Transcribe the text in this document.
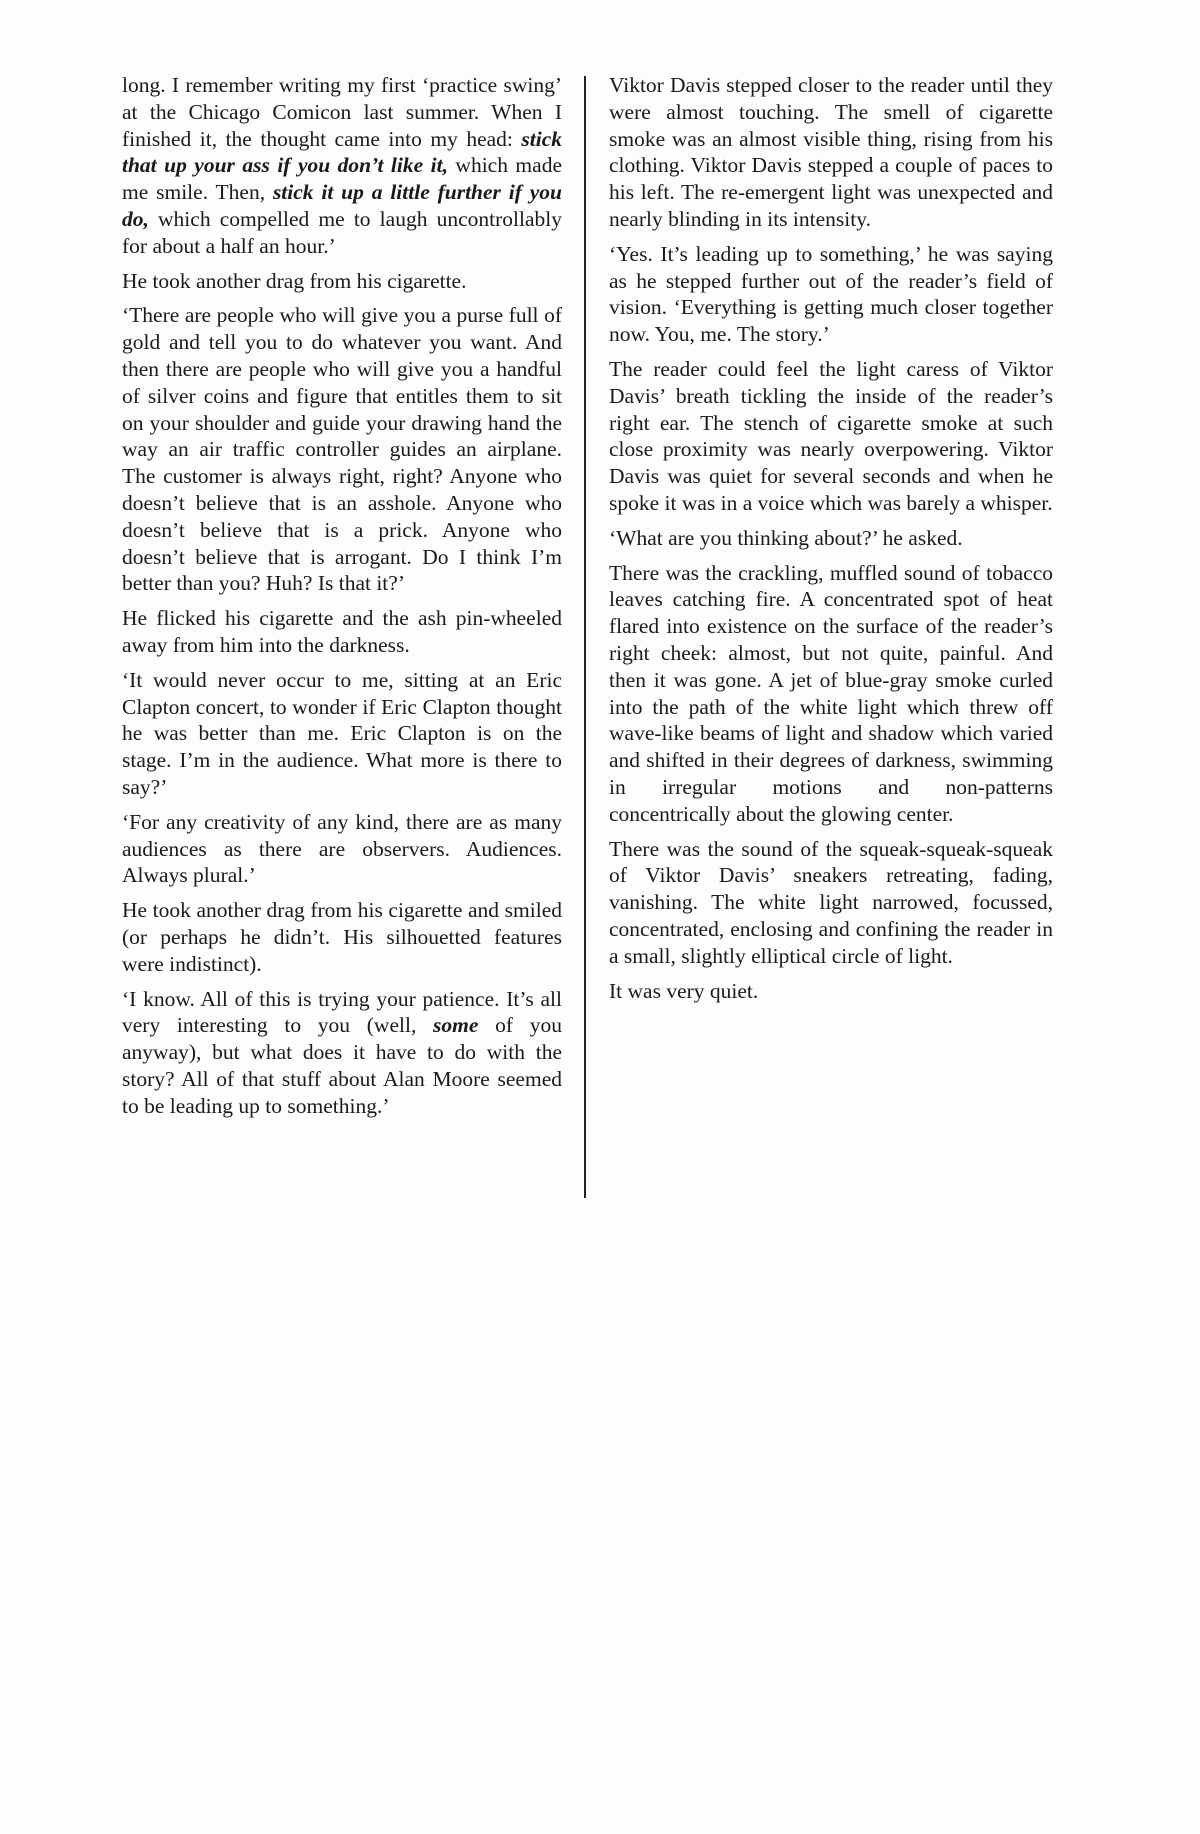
long. I remember writing my first ‘practice swing’ at the Chicago Comicon last summer. When I finished it, the thought came into my head: stick that up your ass if you don’t like it, which made me smile. Then, stick it up a little further if you do, which compelled me to laugh uncontrollably for about a half an hour.’

He took another drag from his cigarette.

‘There are people who will give you a purse full of gold and tell you to do whatever you want. And then there are people who will give you a handful of silver coins and figure that entitles them to sit on your shoulder and guide your drawing hand the way an air traffic controller guides an airplane. The customer is always right, right? Anyone who doesn’t believe that is an asshole. Anyone who doesn’t believe that is a prick. Anyone who doesn’t believe that is arrogant. Do I think I’m better than you? Huh? Is that it?’

He flicked his cigarette and the ash pin-wheeled away from him into the darkness.

‘It would never occur to me, sitting at an Eric Clapton concert, to wonder if Eric Clapton thought he was better than me. Eric Clapton is on the stage. I’m in the audience. What more is there to say?’

‘For any creativity of any kind, there are as many audiences as there are observers. Audiences. Always plural.’

He took another drag from his cigarette and smiled (or perhaps he didn’t. His silhouetted features were indistinct).

‘I know. All of this is trying your patience. It’s all very interesting to you (well, some of you anyway), but what does it have to do with the story? All of that stuff about Alan Moore seemed to be leading up to something.’

Viktor Davis stepped closer to the reader until they were almost touching. The smell of cigarette smoke was an almost visible thing, rising from his clothing. Viktor Davis stepped a couple of paces to his left. The re-emergent light was unexpected and nearly blinding in its intensity.

‘Yes. It’s leading up to something,’ he was saying as he stepped further out of the reader’s field of vision. ‘Everything is getting much closer together now. You, me. The story.’

The reader could feel the light caress of Viktor Davis’ breath tickling the inside of the reader’s right ear. The stench of cigarette smoke at such close proximity was nearly overpowering. Viktor Davis was quiet for several seconds and when he spoke it was in a voice which was barely a whisper.

‘What are you thinking about?’ he asked.

There was the crackling, muffled sound of tobacco leaves catching fire. A concentrated spot of heat flared into existence on the surface of the reader’s right cheek: almost, but not quite, painful. And then it was gone. A jet of blue-gray smoke curled into the path of the white light which threw off wave-like beams of light and shadow which varied and shifted in their degrees of darkness, swimming in irregular motions and non-patterns concentrically about the glowing center.

There was the sound of the squeak-squeak-squeak of Viktor Davis’ sneakers retreating, fading, vanishing. The white light narrowed, focussed, concentrated, enclosing and confining the reader in a small, slightly elliptical circle of light.

It was very quiet.
